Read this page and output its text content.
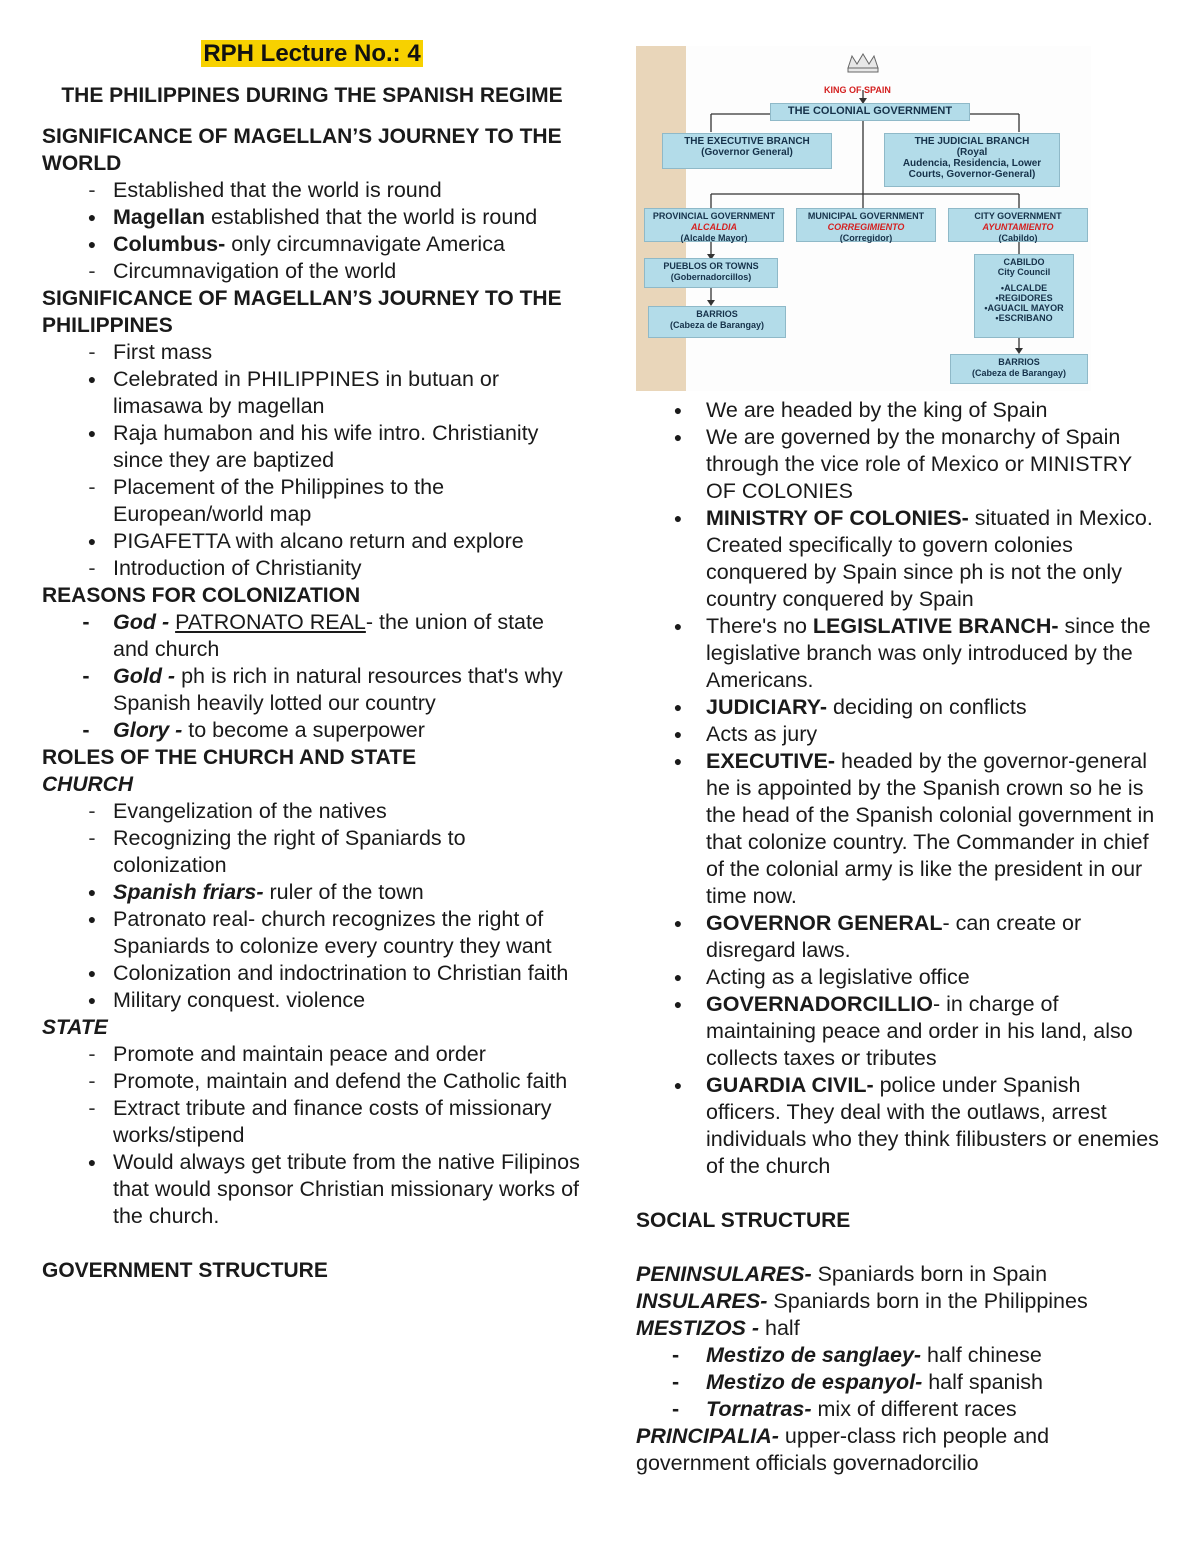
RPH Lecture No.: 4
THE PHILIPPINES DURING THE SPANISH REGIME
SIGNIFICANCE OF MAGELLAN’S JOURNEY TO THE WORLD
- Established that the world is round
● Magellan established that the world is round
● Columbus- only circumnavigate America
- Circumnavigation of the world
SIGNIFICANCE OF MAGELLAN’S JOURNEY TO THE PHILIPPINES
- First mass
● Celebrated in PHILIPPINES in butuan or limasawa by magellan
● Raja humabon and his wife intro. Christianity since they are baptized
- Placement of the Philippines to the European/world map
● PIGAFETTA with alcano return and explore
- Introduction of Christianity
REASONS FOR COLONIZATION
- God - PATRONATO REAL- the union of state and church
- Gold - ph is rich in natural resources that's why Spanish heavily lotted our country
- Glory - to become a superpower
ROLES OF THE CHURCH AND STATE
CHURCH
- Evangelization of the natives
- Recognizing the right of Spaniards to colonization
● Spanish friars- ruler of the town
● Patronato real- church recognizes the right of Spaniards to colonize every country they want
● Colonization and indoctrination to Christian faith
● Military conquest. violence
STATE
- Promote and maintain peace and order
- Promote, maintain and defend the Catholic faith
- Extract tribute and finance costs of missionary works/stipend
● Would always get tribute from the native Filipinos that would sponsor Christian missionary works of the church.
GOVERNMENT STRUCTURE
KING OF SPAIN
THE COLONIAL GOVERNMENT
THE EXECUTIVE BRANCH
(Governor General)
THE JUDICIAL BRANCH
(Royal
Audencia, Residencia, Lower
Courts, Governor-General)
PROVINCIAL GOVERNMENT
ALCALDIA
(Alcalde Mayor)
MUNICIPAL GOVERNMENT
CORREGIMIENTO
(Corregidor)
CITY GOVERNMENT
AYUNTAMIENTO
(Cabildo)
PUEBLOS OR TOWNS
(Gobernadorcillos)
BARRIOS
(Cabeza de Barangay)
CABILDO
City Council
•ALCALDE
•REGIDORES
•AGUACIL MAYOR
•ESCRIBANO
BARRIOS
(Cabeza de Barangay)
● We are headed by the king of Spain
● We are governed by the monarchy of Spain through the vice role of Mexico or MINISTRY OF COLONIES
● MINISTRY OF COLONIES- situated in Mexico. Created specifically to govern colonies conquered by Spain since ph is not the only country conquered by Spain
● There's no LEGISLATIVE BRANCH- since the legislative branch was only introduced by the Americans.
● JUDICIARY- deciding on conflicts
● Acts as jury
● EXECUTIVE- headed by the governor-general he is appointed by the Spanish crown so he is the head of the Spanish colonial government in that colonize country. The Commander in chief of the colonial army is like the president in our time now.
● GOVERNOR GENERAL- can create or disregard laws.
● Acting as a legislative office
● GOVERNADORCILLIO- in charge of maintaining peace and order in his land, also collects taxes or tributes
● GUARDIA CIVIL- police under Spanish officers. They deal with the outlaws, arrest individuals who they think filibusters or enemies of the church
SOCIAL STRUCTURE
PENINSULARES- Spaniards born in Spain
INSULARES- Spaniards born in the Philippines
MESTIZOS - half
- Mestizo de sanglaey- half chinese
- Mestizo de espanyol- half spanish
- Tornatras- mix of different races
PRINCIPALIA- upper-class rich people and government officials governadorcilio
